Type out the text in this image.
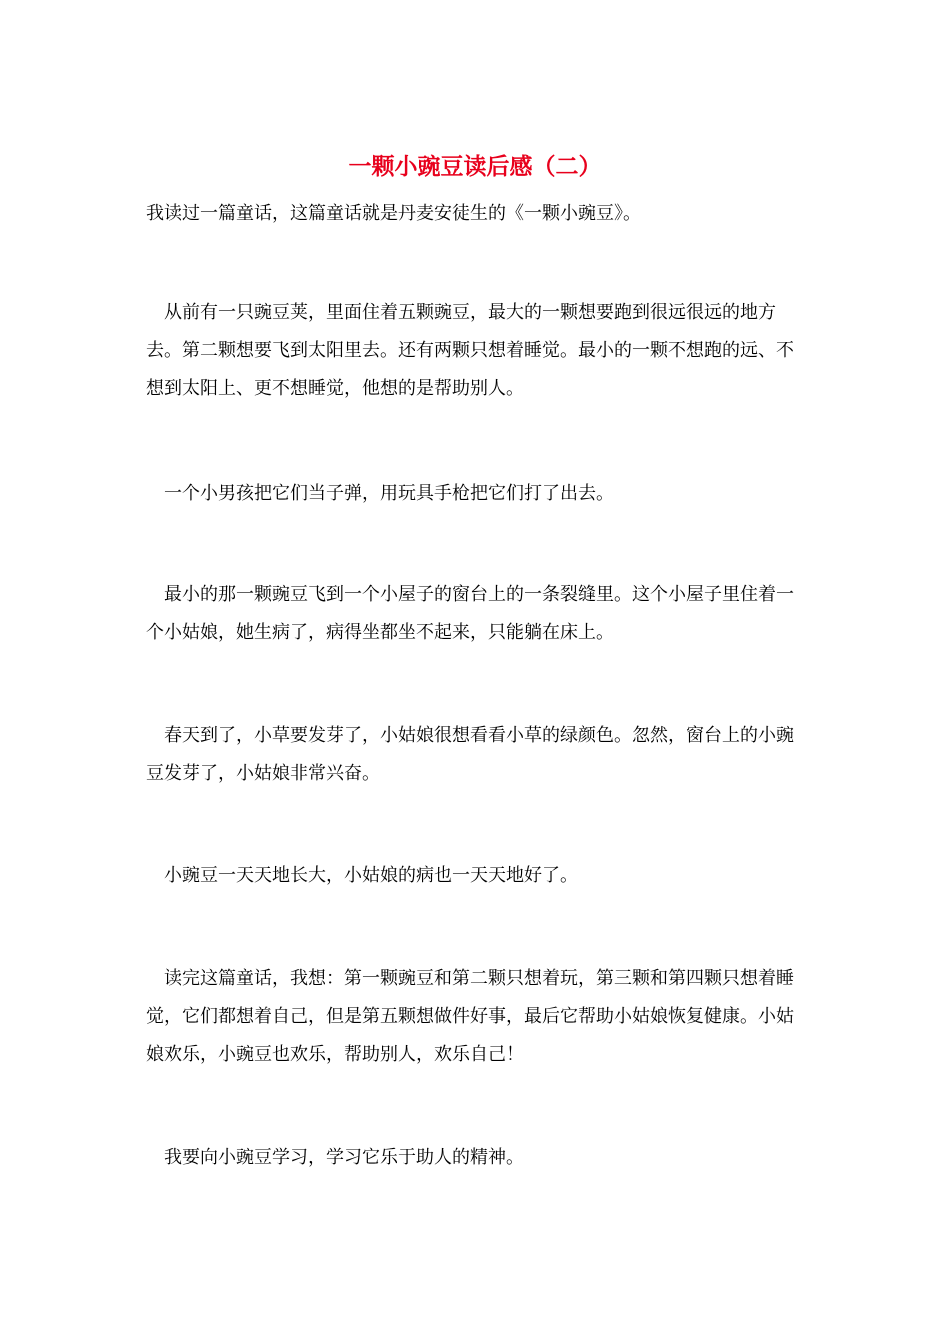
一颗小豌豆读后感（二）

我读过一篇童话，这篇童话就是丹麦安徒生的《一颗小豌豆》。

从前有一只豌豆荚，里面住着五颗豌豆，最大的一颗想要跑到很远很远的地方去。第二颗想要飞到太阳里去。还有两颗只想着睡觉。最小的一颗不想跑的远、不想到太阳上、更不想睡觉，他想的是帮助别人。

一个小男孩把它们当子弹，用玩具手枪把它们打了出去。

最小的那一颗豌豆飞到一个小屋子的窗台上的一条裂缝里。这个小屋子里住着一个小姑娘，她生病了，病得坐都坐不起来，只能躺在床上。

春天到了，小草要发芽了，小姑娘很想看看小草的绿颜色。忽然，窗台上的小豌豆发芽了，小姑娘非常兴奋。

小豌豆一天天地长大，小姑娘的病也一天天地好了。

读完这篇童话，我想：第一颗豌豆和第二颗只想着玩，第三颗和第四颗只想着睡觉，它们都想着自己，但是第五颗想做件好事，最后它帮助小姑娘恢复健康。小姑娘欢乐，小豌豆也欢乐，帮助别人，欢乐自己！

我要向小豌豆学习，学习它乐于助人的精神。
